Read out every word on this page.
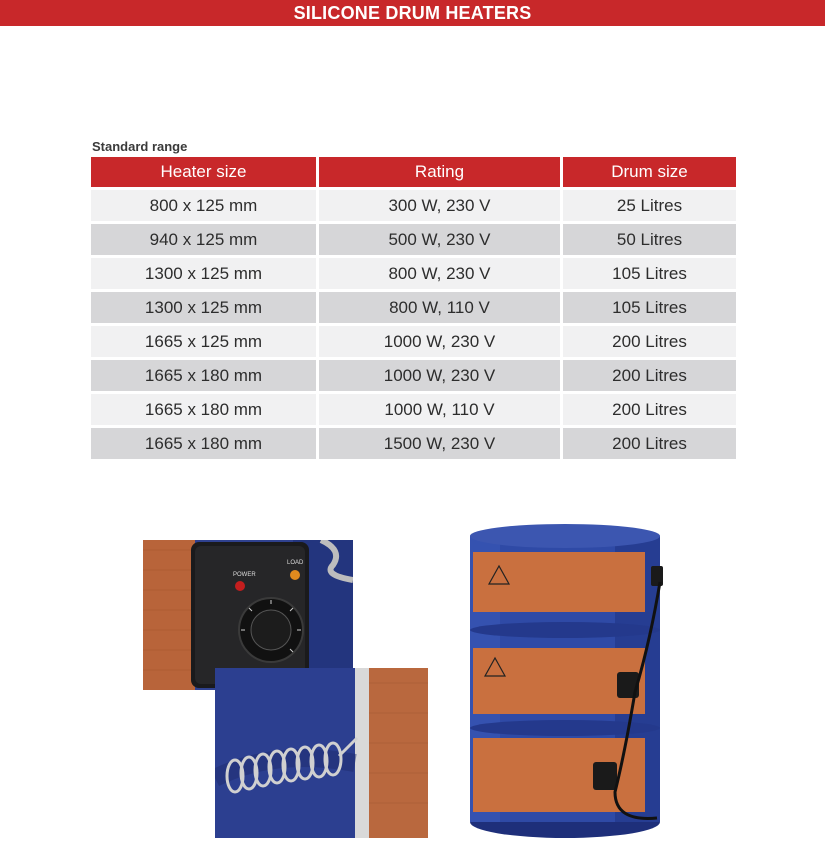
SILICONE DRUM HEATERS
Standard range
Heater size	Rating	Drum size
800 x 125 mm	300 W, 230 V	25 Litres
940 x 125 mm	500 W, 230 V	50 Litres
1300 x 125 mm	800 W, 230 V	105 Litres
1300 x 125 mm	800 W, 110 V	105 Litres
1665 x 125 mm	1000 W, 230 V	200 Litres
1665 x 180 mm	1000 W, 230 V	200 Litres
1665 x 180 mm	1000 W, 110 V	200 Litres
1665 x 180 mm	1500 W, 230 V	200 Litres
POWER
LOAD
